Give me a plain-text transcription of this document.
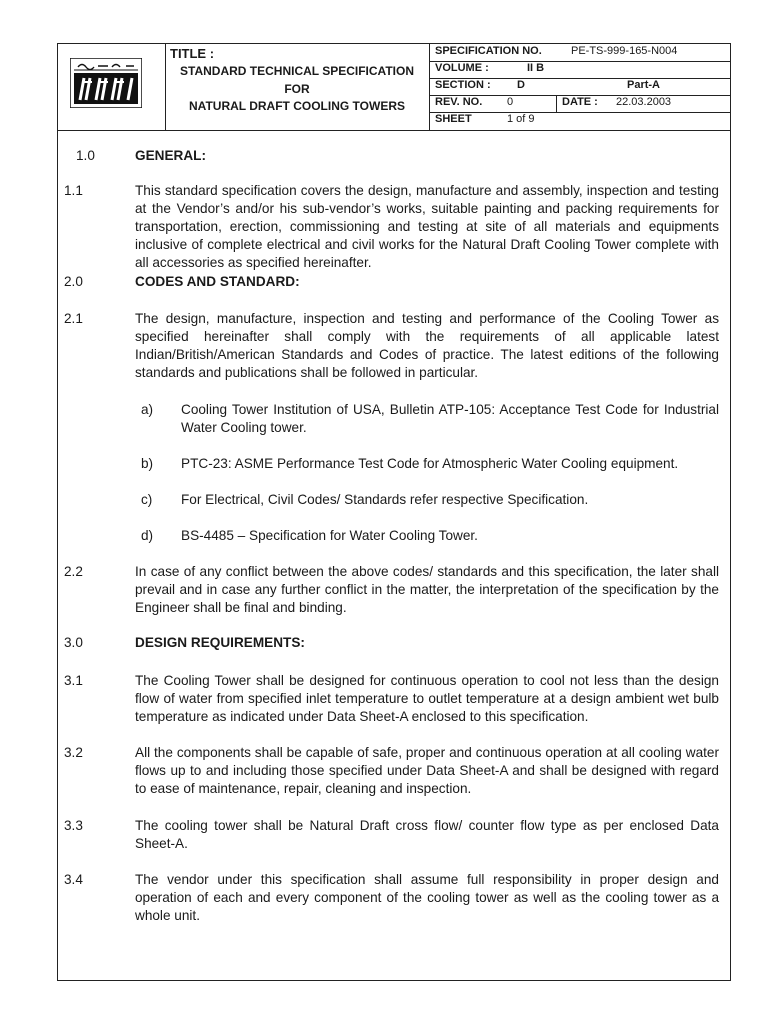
TITLE :
STANDARD TECHNICAL SPECIFICATION
FOR
NATURAL DRAFT COOLING TOWERS
SPECIFICATION NO.	PE-TS-999-165-N004
VOLUME :	II B
SECTION : D	Part-A
REV. NO. 0	DATE : 22.03.2003
SHEET	1 of 9
1.0	GENERAL:
1.1	This standard specification covers the design, manufacture and assembly, inspection and testing at the Vendor’s and/or his sub-vendor’s works, suitable painting and packing requirements for transportation, erection, commissioning and testing at site of all materials and equipments inclusive of complete electrical and civil works for the Natural Draft Cooling Tower complete with all accessories as specified hereinafter.
2.0	CODES AND STANDARD:
2.1	The design, manufacture, inspection and testing and performance of the Cooling Tower as specified hereinafter shall comply with the requirements of all applicable latest Indian/British/American Standards and Codes of practice. The latest editions of the following standards and publications shall be followed in particular.
a) Cooling Tower Institution of USA, Bulletin ATP-105: Acceptance Test Code for Industrial Water Cooling tower.
b) PTC-23: ASME Performance Test Code for Atmospheric Water Cooling equipment.
c) For Electrical, Civil Codes/ Standards refer respective Specification.
d) BS-4485 – Specification for Water Cooling Tower.
2.2	In case of any conflict between the above codes/ standards and this specification, the later shall prevail and in case any further conflict in the matter, the interpretation of the specification by the Engineer shall be final and binding.
3.0	DESIGN REQUIREMENTS:
3.1	The Cooling Tower shall be designed for continuous operation to cool not less than the design flow of water from specified inlet temperature to outlet temperature at a design ambient wet bulb temperature as indicated under Data Sheet-A enclosed to this specification.
3.2	All the components shall be capable of safe, proper and continuous operation at all cooling water flows up to and including those specified under Data Sheet-A and shall be designed with regard to ease of maintenance, repair, cleaning and inspection.
3.3	The cooling tower shall be Natural Draft cross flow/ counter flow type as per enclosed Data Sheet-A.
3.4	The vendor under this specification shall assume full responsibility in proper design and operation of each and every component of the cooling tower as well as the cooling tower as a whole unit.
